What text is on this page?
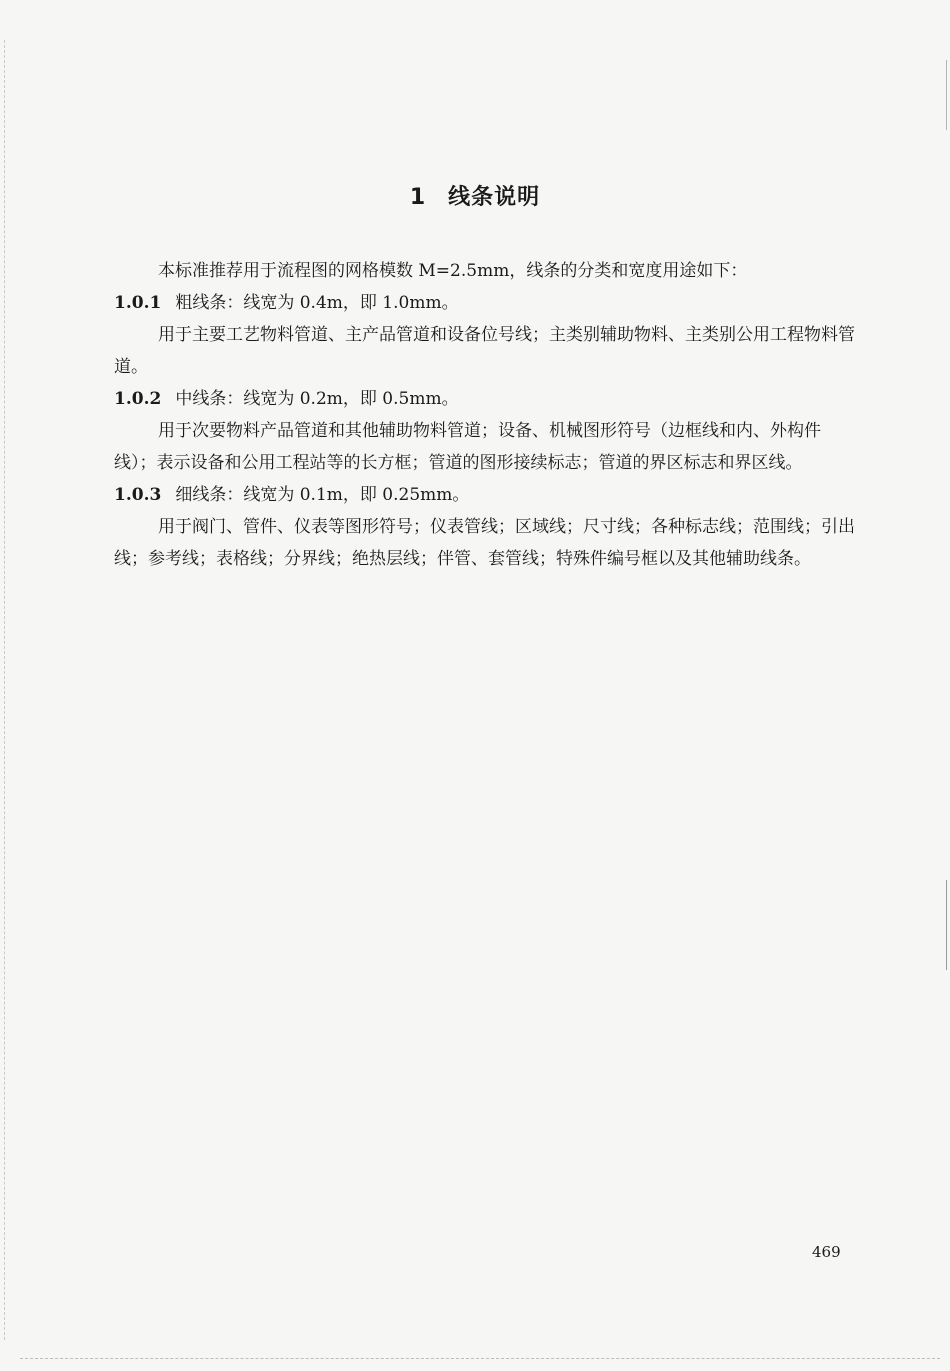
1 线条说明

本标准推荐用于流程图的网格模数 M=2.5mm，线条的分类和宽度用途如下：

1.0.1 粗线条：线宽为 0.4m，即 1.0mm。

用于主要工艺物料管道、主产品管道和设备位号线；主类别辅助物料、主类别公用工程物料管道。

1.0.2 中线条：线宽为 0.2m，即 0.5mm。

用于次要物料产品管道和其他辅助物料管道；设备、机械图形符号（边框线和内、外构件线）；表示设备和公用工程站等的长方框；管道的图形接续标志；管道的界区标志和界区线。

1.0.3 细线条：线宽为 0.1m，即 0.25mm。

用于阀门、管件、仪表等图形符号；仪表管线；区域线；尺寸线；各种标志线；范围线；引出线；参考线；表格线；分界线；绝热层线；伴管、套管线；特殊件编号框以及其他辅助线条。

469
